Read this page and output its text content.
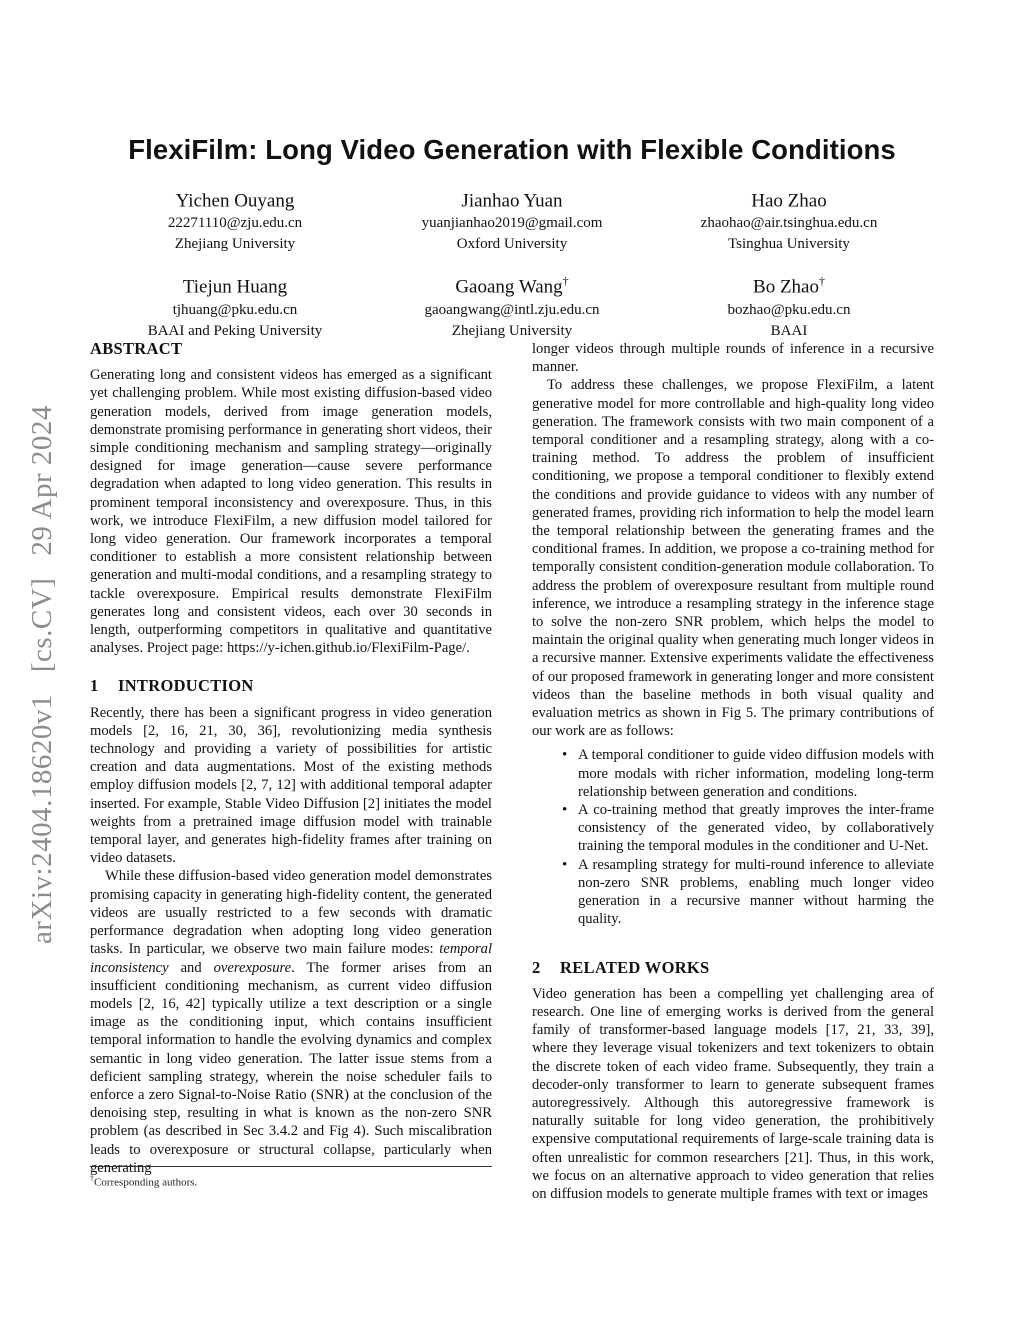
arXiv:2404.18620v1[cs.CV]29 Apr 2024
FlexiFilm: Long Video Generation with Flexible Conditions
Yichen Ouyang
22271110@zju.edu.cn
Zhejiang University
Jianhao Yuan
yuanjianhao2019@gmail.com
Oxford University
Hao Zhao
zhaohao@air.tsinghua.edu.cn
Tsinghua University
Tiejun Huang
tjhuang@pku.edu.cn
BAAI and Peking University
Gaoang Wang†
gaoangwang@intl.zju.edu.cn
Zhejiang University
Bo Zhao†
bozhao@pku.edu.cn
BAAI
ABSTRACT

Generating long and consistent videos has emerged as a significant yet challenging problem. While most existing diffusion-based video generation models, derived from image generation models, demonstrate promising performance in generating short videos, their simple conditioning mechanism and sampling strategy—originally designed for image generation—cause severe performance degradation when adapted to long video generation. This results in prominent temporal inconsistency and overexposure. Thus, in this work, we introduce FlexiFilm, a new diffusion model tailored for long video generation. Our framework incorporates a temporal conditioner to establish a more consistent relationship between generation and multi-modal conditions, and a resampling strategy to tackle overexposure. Empirical results demonstrate FlexiFilm generates long and consistent videos, each over 30 seconds in length, outperforming competitors in qualitative and quantitative analyses. Project page: https://y-ichen.github.io/FlexiFilm-Page/.

1 INTRODUCTION

Recently, there has been a significant progress in video generation models [2, 16, 21, 30, 36], revolutionizing media synthesis technology and providing a variety of possibilities for artistic creation and data augmentations. Most of the existing methods employ diffusion models [2, 7, 12] with additional temporal adapter inserted. For example, Stable Video Diffusion [2] initiates the model weights from a pretrained image diffusion model with trainable temporal layer, and generates high-fidelity frames after training on video datasets.

While these diffusion-based video generation model demonstrates promising capacity in generating high-fidelity content, the generated videos are usually restricted to a few seconds with dramatic performance degradation when adopting long video generation tasks. In particular, we observe two main failure modes: temporal inconsistency and overexposure. The former arises from an insufficient conditioning mechanism, as current video diffusion models [2, 16, 42] typically utilize a text description or a single image as the conditioning input, which contains insufficient temporal information to handle the evolving dynamics and complex semantic in long video generation. The latter issue stems from a deficient sampling strategy, wherein the noise scheduler fails to enforce a zero Signal-to-Noise Ratio (SNR) at the conclusion of the denoising step, resulting in what is known as the non-zero SNR problem (as described in Sec 3.4.2 and Fig 4). Such miscalibration leads to overexposure or structural collapse, particularly when generating

†Corresponding authors.

longer videos through multiple rounds of inference in a recursive manner.

To address these challenges, we propose FlexiFilm, a latent generative model for more controllable and high-quality long video generation. The framework consists with two main component of a temporal conditioner and a resampling strategy, along with a co-training method. To address the problem of insufficient conditioning, we propose a temporal conditioner to flexibly extend the conditions and provide guidance to videos with any number of generated frames, providing rich information to help the model learn the temporal relationship between the generating frames and the conditional frames. In addition, we propose a co-training method for temporally consistent condition-generation module collaboration. To address the problem of overexposure resultant from multiple round inference, we introduce a resampling strategy in the inference stage to solve the non-zero SNR problem, which helps the model to maintain the original quality when generating much longer videos in a recursive manner. Extensive experiments validate the effectiveness of our proposed framework in generating longer and more consistent videos than the baseline methods in both visual quality and evaluation metrics as shown in Fig 5. The primary contributions of our work are as follows:

• A temporal conditioner to guide video diffusion models with more modals with richer information, modeling long-term relationship between generation and conditions.
• A co-training method that greatly improves the inter-frame consistency of the generated video, by collaboratively training the temporal modules in the conditioner and U-Net.
• A resampling strategy for multi-round inference to alleviate non-zero SNR problems, enabling much longer video generation in a recursive manner without harming the quality.
2 RELATED WORKS

Video generation has been a compelling yet challenging area of research. One line of emerging works is derived from the general family of transformer-based language models [17, 21, 33, 39], where they leverage visual tokenizers and text tokenizers to obtain the discrete token of each video frame. Subsequently, they train a decoder-only transformer to learn to generate subsequent frames autoregressively. Although this autoregressive framework is naturally suitable for long video generation, the prohibitively expensive computational requirements of large-scale training data is often unrealistic for common researchers [21]. Thus, in this work, we focus on an alternative approach to video generation that relies on diffusion models to generate multiple frames with text or images
